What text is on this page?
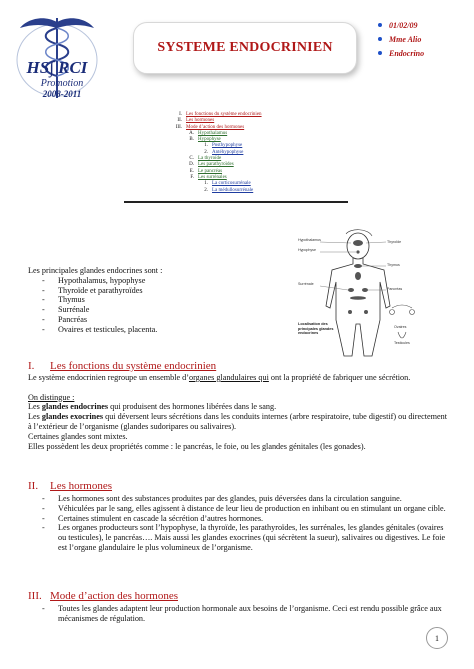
HS∫ RCI
Promotion
2008-2011
SYSTEME ENDOCRINIEN
01/02/09
Mme Alio
Endocrino
I. Les fonctions du système endocrinien
II. Les hormones
III. Mode d’action des hormones
A. Hypothalamus
B. Hypophyse
1. Posthypophyse
2. Antéhypophyse
C. La thyroïde
D. Les parathyroïdes
E. Le pancréas
F. Les surrénales
1. La corticosurrénale
2. La médullosurrénale
Hypothalamus
Hypophyse
Thyroïde
Thymus
Surrénale
Pancréas
Ovaires
Testicules
Localisation des principales glandes endocrines
Les principales glandes endocrines sont :
-	Hypothalamus, hypophyse
-	Thyroïde et parathyroïdes
-	Thymus
-	Surrénale
-	Pancréas
-	Ovaires et testicules, placenta.
I. Les fonctions du système endocrinien
Le système endocrinien regroupe un ensemble d’organes glandulaires qui ont la propriété de fabriquer une sécrétion.
On distingue :
Les glandes endocrines qui produisent des hormones libérées dans le sang.
Les glandes exocrines qui déversent leurs sécrétions dans les conduits internes (arbre respiratoire, tube digestif) ou directement à l’extérieur de l’organisme (glandes sudoripares ou salivaires).
Certaines glandes sont mixtes.
Elles possèdent les deux propriétés comme : le pancréas, le foie, ou les glandes génitales (les gonades).
II. Les hormones
-	Les hormones sont des substances produites par des glandes, puis déversées dans la circulation sanguine.
-	Véhiculées par le sang, elles agissent à distance de leur lieu de production en inhibant ou en stimulant un organe cible.
-	Certaines stimulent en cascade la sécrétion d’autres hormones.
-	Les organes producteurs sont l’hypophyse, la thyroïde, les parathyroïdes, les surrénales, les glandes génitales (ovaires ou testicules), le pancréas…. Mais aussi les glandes exocrines (qui sécrètent la sueur), salivaires ou digestives. Le foie est l’organe glandulaire le plus volumineux de l’organisme.
III. Mode d’action des hormones
-	Toutes les glandes adaptent leur production hormonale aux besoins de l’organisme. Ceci est rendu possible grâce aux mécanismes de régulation.
1
